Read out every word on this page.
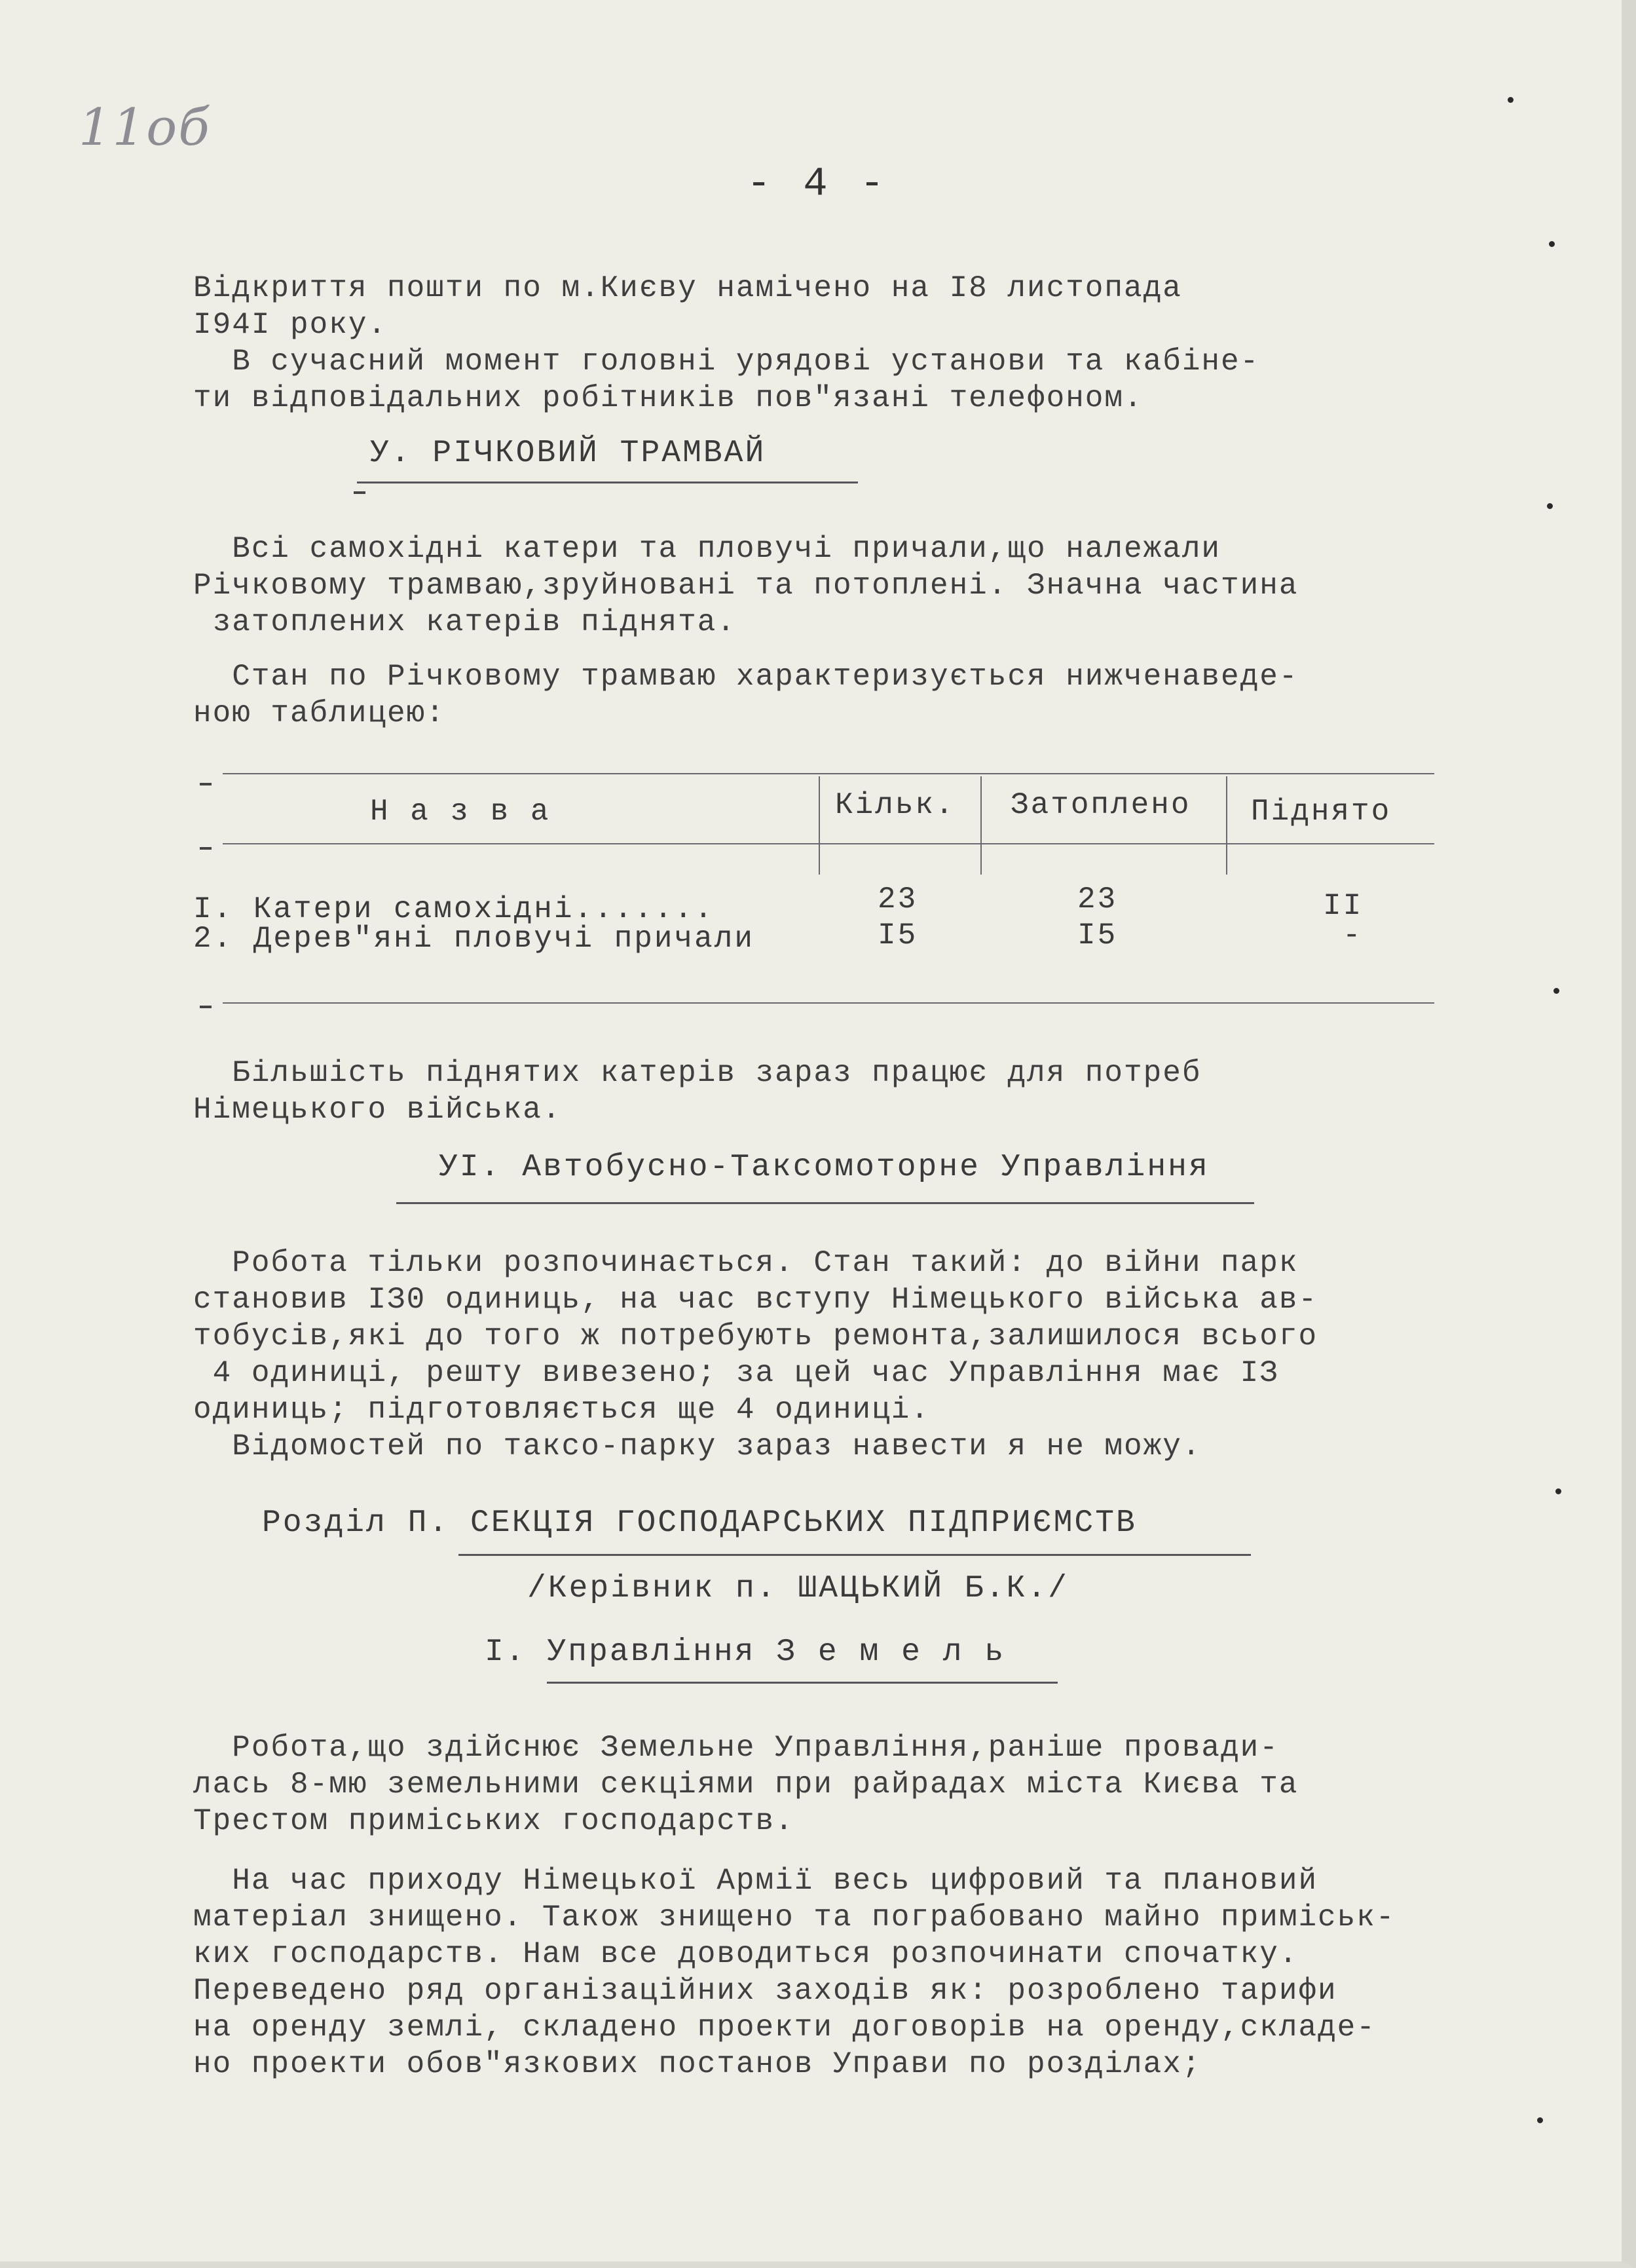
11об
- 4 -
Відкриття пошти по м.Києву намічено на І8 листопада
І94І року.
В сучасний момент головні урядові установи та кабіне-
ти відповідальних робітників пов"язані телефоном.
У. РІЧКОВИЙ ТРАМВАЙ
Всі самохідні катери та пловучі причали,що належали
Річковому трамваю,зруйновані та потоплені. Значна частина
затоплених катерів піднята.
Стан по Річковому трамваю характеризується нижченаведе-
ною таблицею:
Н а з в а	Кільк. Затоплено Піднято
І. Катери самохідні.......	23	23	ІІ
2. Дерев"яні пловучі причали	І5	І5	-
Більшість піднятих катерів зараз працює для потреб
Німецького війська.
УІ. Автобусно-Таксомоторне Управління
Робота тільки розпочинається. Стан такий: до війни парк
становив ІЗ0 одиниць, на час вступу Німецького війська ав-
тобусів,які до того ж потребують ремонта,залишилося всього
4 одиниці, решту вивезено; за цей час Управління має ІЗ
одиниць; підготовляється ще 4 одиниці.
Відомостей по таксо-парку зараз навести я не можу.
Розділ П. СЕКЦІЯ ГОСПОДАРСЬКИХ ПІДПРИЄМСТВ
/Керівник п. ШАЦЬКИЙ Б.К./
І. Управління З е м е л ь
Робота,що здійснює Земельне Управління,раніше провади-
лась 8-мю земельними секціями при райрадах міста Києва та
Трестом приміських господарств.
На час приходу Німецької Армії весь цифровий та плановий
матеріал знищено. Також знищено та пограбовано майно приміськ-
ких господарств. Нам все доводиться розпочинати спочатку.
Переведено ряд організаційних заходів як: розроблено тарифи
на оренду землі, складено проекти договорів на оренду,складе-
но проекти обов"язкових постанов Управи по розділах;
